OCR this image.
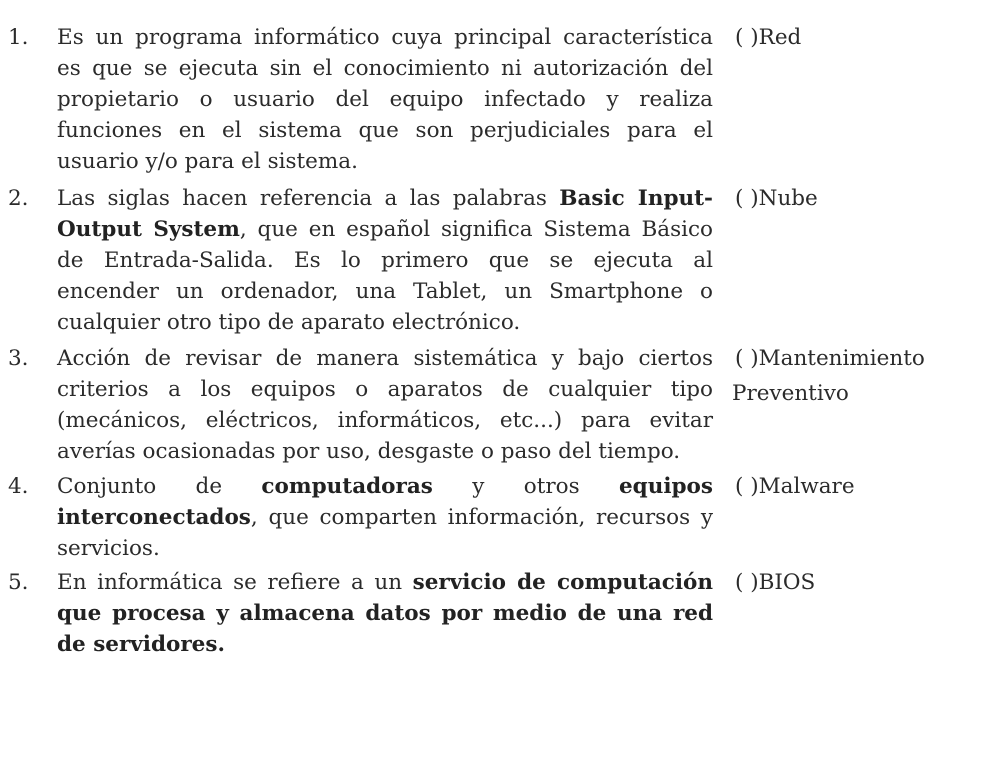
1.	Es un programa informático cuya principal característica es que se ejecuta sin el conocimiento ni autorización del propietario o usuario del equipo infectado y realiza funciones en el sistema que son perjudiciales para el usuario y/o para el sistema.
( )Red
2.	Las siglas hacen referencia a las palabras Basic Input-Output System, que en español significa Sistema Básico de Entrada-Salida. Es lo primero que se ejecuta al encender un ordenador, una Tablet, un Smartphone o cualquier otro tipo de aparato electrónico.
( )Nube
3.	Acción de revisar de manera sistemática y bajo ciertos criterios a los equipos o aparatos de cualquier tipo (mecánicos, eléctricos, informáticos, etc...) para evitar averías ocasionadas por uso, desgaste o paso del tiempo.
( )Mantenimiento
Preventivo
4.	Conjunto de computadoras y otros equipos interconectados, que comparten información, recursos y servicios.
( )Malware
5.	En informática se refiere a un servicio de computación que procesa y almacena datos por medio de una red de servidores.
( )BIOS
